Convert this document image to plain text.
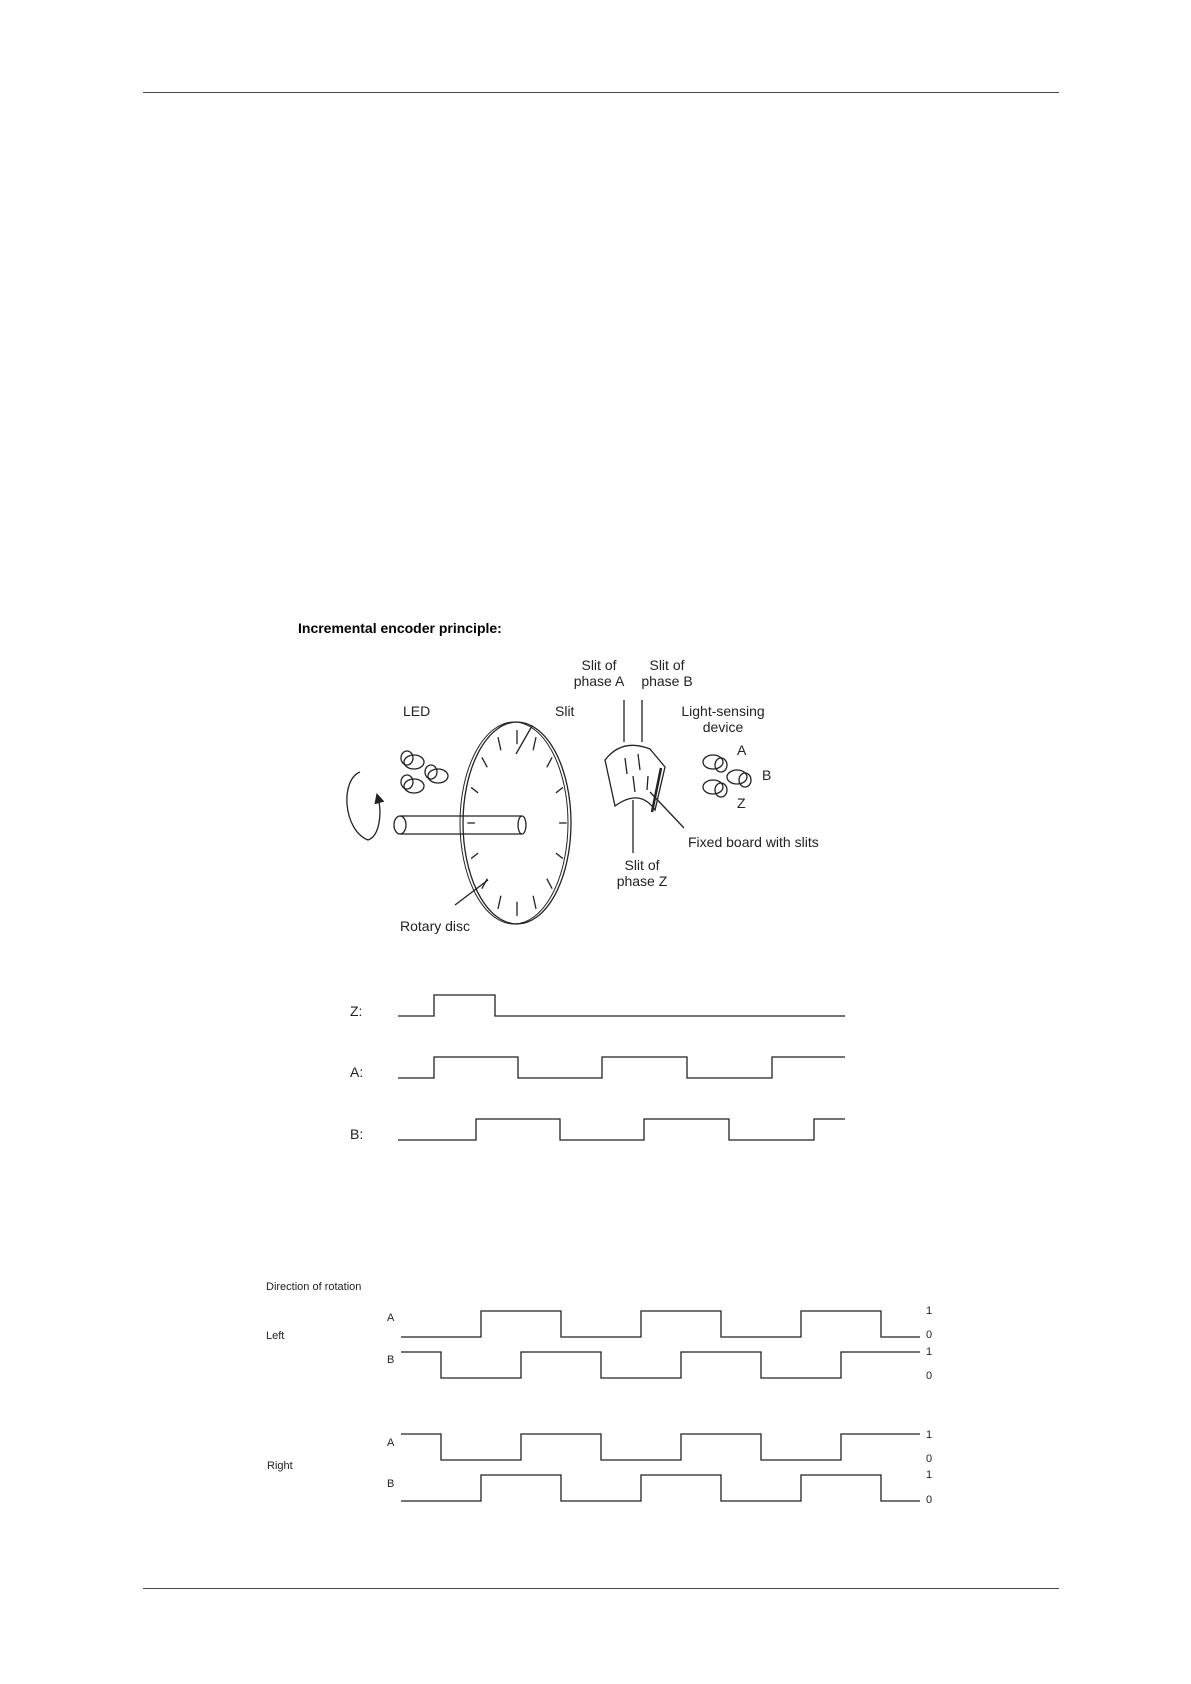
Incremental encoder principle:
LED	Slit
Rotary disc
Slit of
phase A
Slit of
phase B
Slit of
phase Z
Fixed board with slits
Light-sensing
device
A
B
Z
Z:
A:
B:
Direction of rotation
Left
Right
A
B
A
B
1
0
1
0
1
0
1
0
